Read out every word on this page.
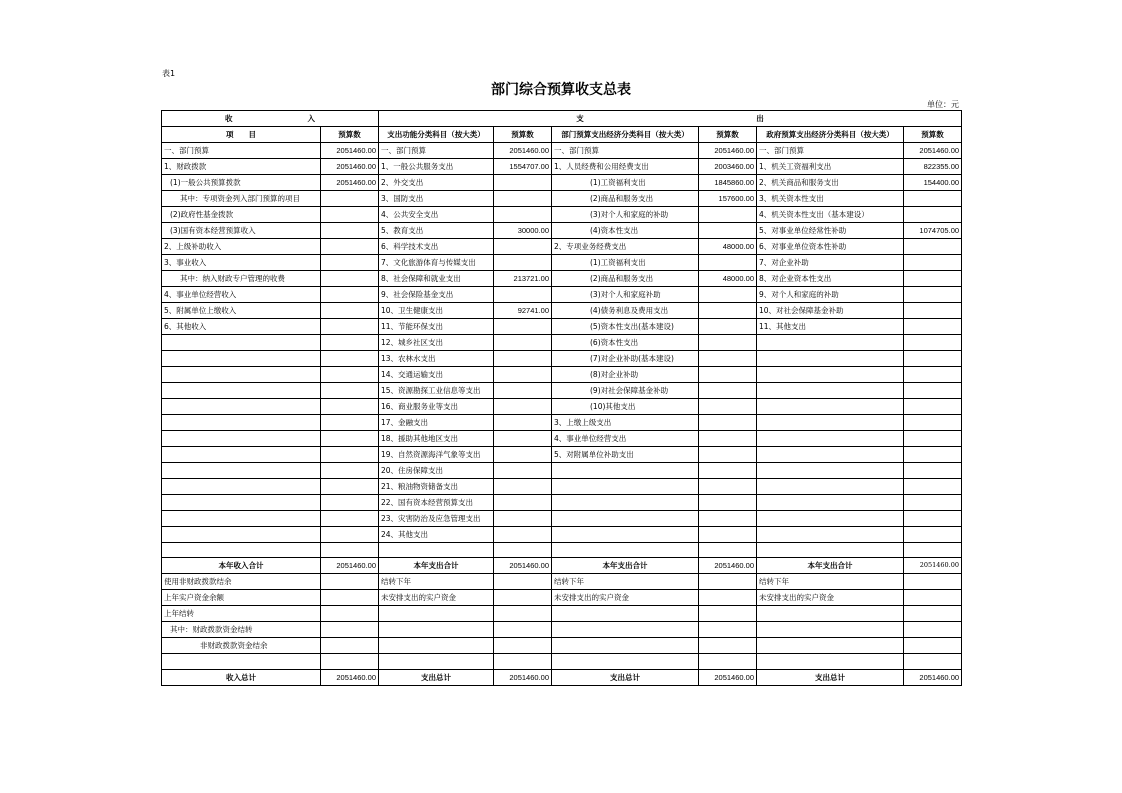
表1
部门综合预算收支总表
单位：元
收　　　　　　　　　　入		支　　　　　　　　　　　　　　　　　　　　　　　出					
项　　目	预算数	支出功能分类科目（按大类）	预算数	部门预算支出经济分类科目（按大类）	预算数	政府预算支出经济分类科目（按大类）	预算数
一、部门预算	2051460.00	一、部门预算	2051460.00	一、部门预算	2051460.00	一、部门预算	2051460.00
1、财政拨款	2051460.00	1、一般公共服务支出	1554707.00	1、人员经费和公用经费支出	2003460.00	1、机关工资福利支出	822355.00
(1)一般公共预算拨款	2051460.00	2、外交支出		(1)工资福利支出	1845860.00	2、机关商品和服务支出	154400.00
其中：专项资金列入部门预算的项目		3、国防支出		(2)商品和服务支出	157600.00	3、机关资本性支出	
(2)政府性基金拨款		4、公共安全支出		(3)对个人和家庭的补助		4、机关资本性支出（基本建设）	
(3)国有资本经营预算收入		5、教育支出	30000.00	(4)资本性支出		5、对事业单位经常性补助	1074705.00
2、上级补助收入		6、科学技术支出		2、专项业务经费支出	48000.00	6、对事业单位资本性补助	
3、事业收入		7、文化旅游体育与传媒支出		(1)工资福利支出		7、对企业补助	
其中：纳入财政专户管理的收费		8、社会保障和就业支出	213721.00	(2)商品和服务支出	48000.00	8、对企业资本性支出	
4、事业单位经营收入		9、社会保险基金支出		(3)对个人和家庭补助		9、对个人和家庭的补助	
5、附属单位上缴收入		10、卫生健康支出	92741.00	(4)债务利息及费用支出		10、对社会保障基金补助	
6、其他收入		11、节能环保支出		(5)资本性支出(基本建设)		11、其他支出	
		12、城乡社区支出		(6)资本性支出			
		13、农林水支出		(7)对企业补助(基本建设)			
		14、交通运输支出		(8)对企业补助			
		15、资源勘探工业信息等支出		(9)对社会保障基金补助			
		16、商业服务业等支出		(10)其他支出			
		17、金融支出		3、上缴上级支出			
		18、援助其他地区支出		4、事业单位经营支出			
		19、自然资源海洋气象等支出		5、对附属单位补助支出			
		20、住房保障支出					
		21、粮油物资储备支出					
		22、国有资本经营预算支出					
		23、灾害防治及应急管理支出					
		24、其他支出					

本年收入合计	2051460.00	本年支出合计	2051460.00	本年支出合计	2051460.00	本年支出合计	2051460.00
使用非财政拨款结余		结转下年		结转下年		结转下年	
上年实户资金余额		未安排支出的实户资金		未安排支出的实户资金		未安排支出的实户资金	
上年结转							
其中：财政拨款资金结转							
非财政拨款资金结余							

收入总计	2051460.00	支出总计	2051460.00	支出总计	2051460.00	支出总计	2051460.00
